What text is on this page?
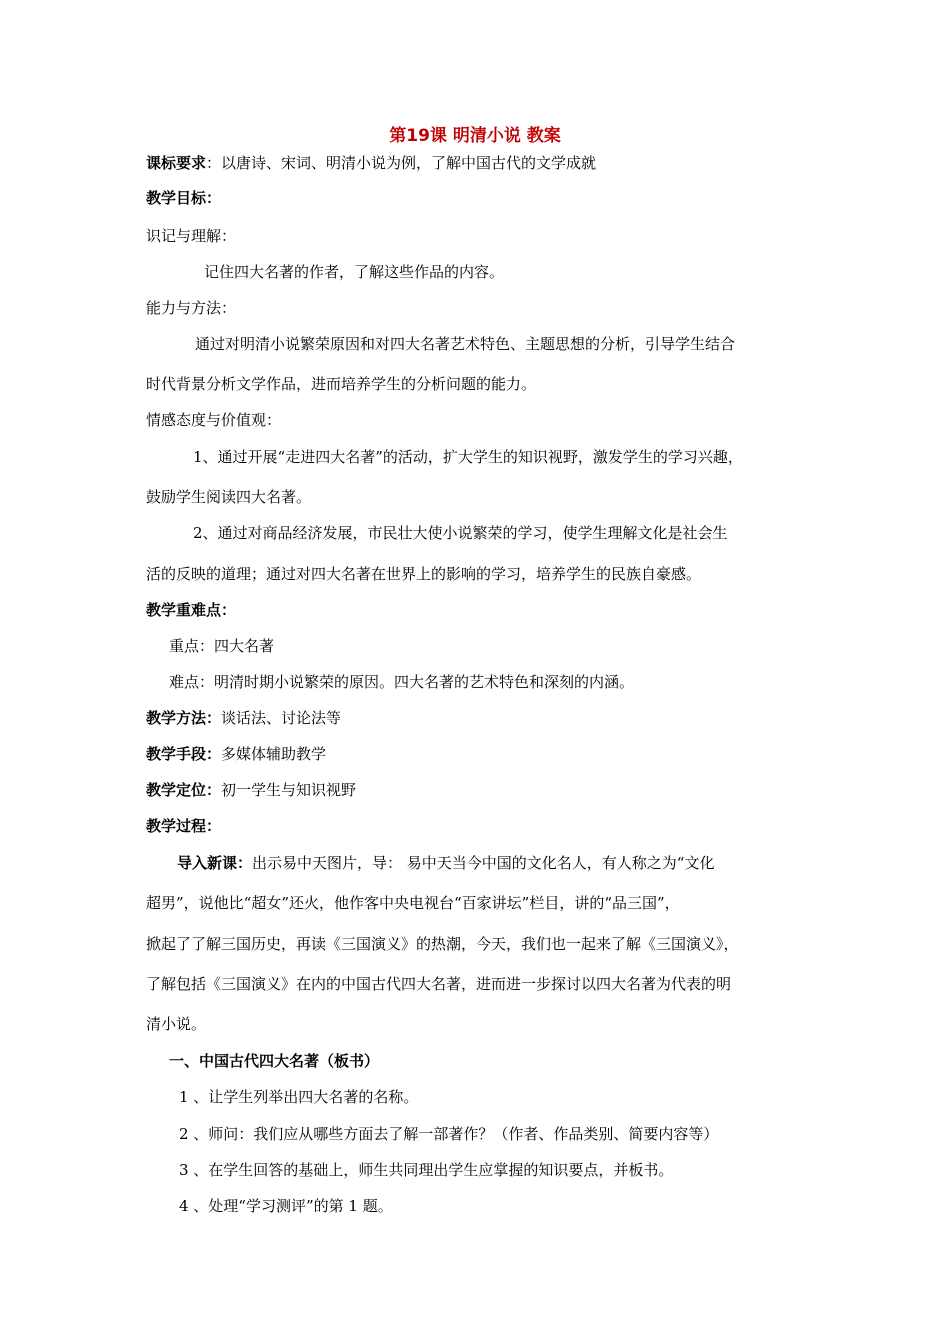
第19课 明清小说 教案
课标要求：以唐诗、宋词、明清小说为例，了解中国古代的文学成就
教学目标：
识记与理解：
记住四大名著的作者，了解这些作品的内容。
能力与方法：
通过对明清小说繁荣原因和对四大名著艺术特色、主题思想的分析，引导学生结合
时代背景分析文学作品，进而培养学生的分析问题的能力。
情感态度与价值观：
1、通过开展“走进四大名著”的活动，扩大学生的知识视野，激发学生的学习兴趣，
鼓励学生阅读四大名著。
2、通过对商品经济发展，市民壮大使小说繁荣的学习，使学生理解文化是社会生
活的反映的道理；通过对四大名著在世界上的影响的学习，培养学生的民族自豪感。
教学重难点：
重点：四大名著
难点：明清时期小说繁荣的原因。四大名著的艺术特色和深刻的内涵。
教学方法：谈话法、讨论法等
教学手段：多媒体辅助教学
教学定位：初一学生与知识视野
教学过程：
导入新课：出示易中天图片，导： 易中天当今中国的文化名人，有人称之为“文化
超男”，说他比“超女”还火，他作客中央电视台“百家讲坛”栏目，讲的“品三国”，
掀起了了解三国历史，再读《三国演义》的热潮，今天，我们也一起来了解《三国演义》，
了解包括《三国演义》在内的中国古代四大名著，进而进一步探讨以四大名著为代表的明
清小说。
一、中国古代四大名著（板书）
1 、让学生列举出四大名著的名称。
2 、师问：我们应从哪些方面去了解一部著作？（作者、作品类别、简要内容等）
3 、在学生回答的基础上，师生共同理出学生应掌握的知识要点，并板书。
4 、处理“学习测评”的第 1 题。
